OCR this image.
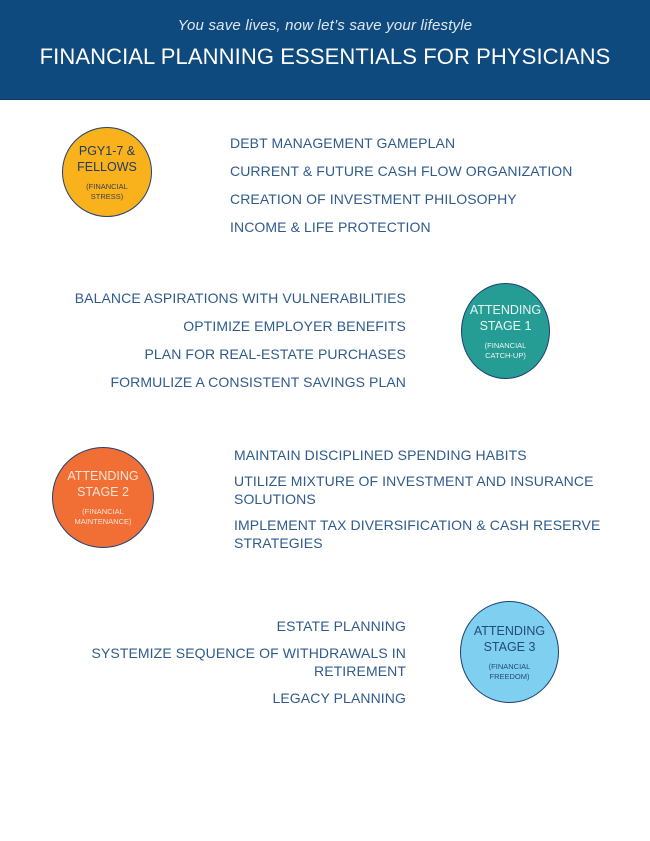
You save lives, now let’s save your lifestyle
FINANCIAL PLANNING ESSENTIALS FOR PHYSICIANS
PGY1-7 &
FELLOWS
(FINANCIAL
STRESS)
DEBT MANAGEMENT GAMEPLAN
CURRENT & FUTURE CASH FLOW ORGANIZATION
CREATION OF INVESTMENT PHILOSOPHY
INCOME & LIFE PROTECTION
BALANCE ASPIRATIONS WITH VULNERABILITIES
OPTIMIZE EMPLOYER BENEFITS
PLAN FOR REAL-ESTATE PURCHASES
FORMULIZE A CONSISTENT SAVINGS PLAN
ATTENDING
STAGE 1
(FINANCIAL
CATCH-UP)
ATTENDING
STAGE 2
(FINANCIAL
MAINTENANCE)
MAINTAIN DISCIPLINED SPENDING HABITS
UTILIZE MIXTURE OF INVESTMENT AND INSURANCE SOLUTIONS
IMPLEMENT TAX DIVERSIFICATION & CASH RESERVE STRATEGIES
ESTATE PLANNING
SYSTEMIZE SEQUENCE OF WITHDRAWALS IN RETIREMENT
LEGACY PLANNING
ATTENDING
STAGE 3
(FINANCIAL
FREEDOM)
